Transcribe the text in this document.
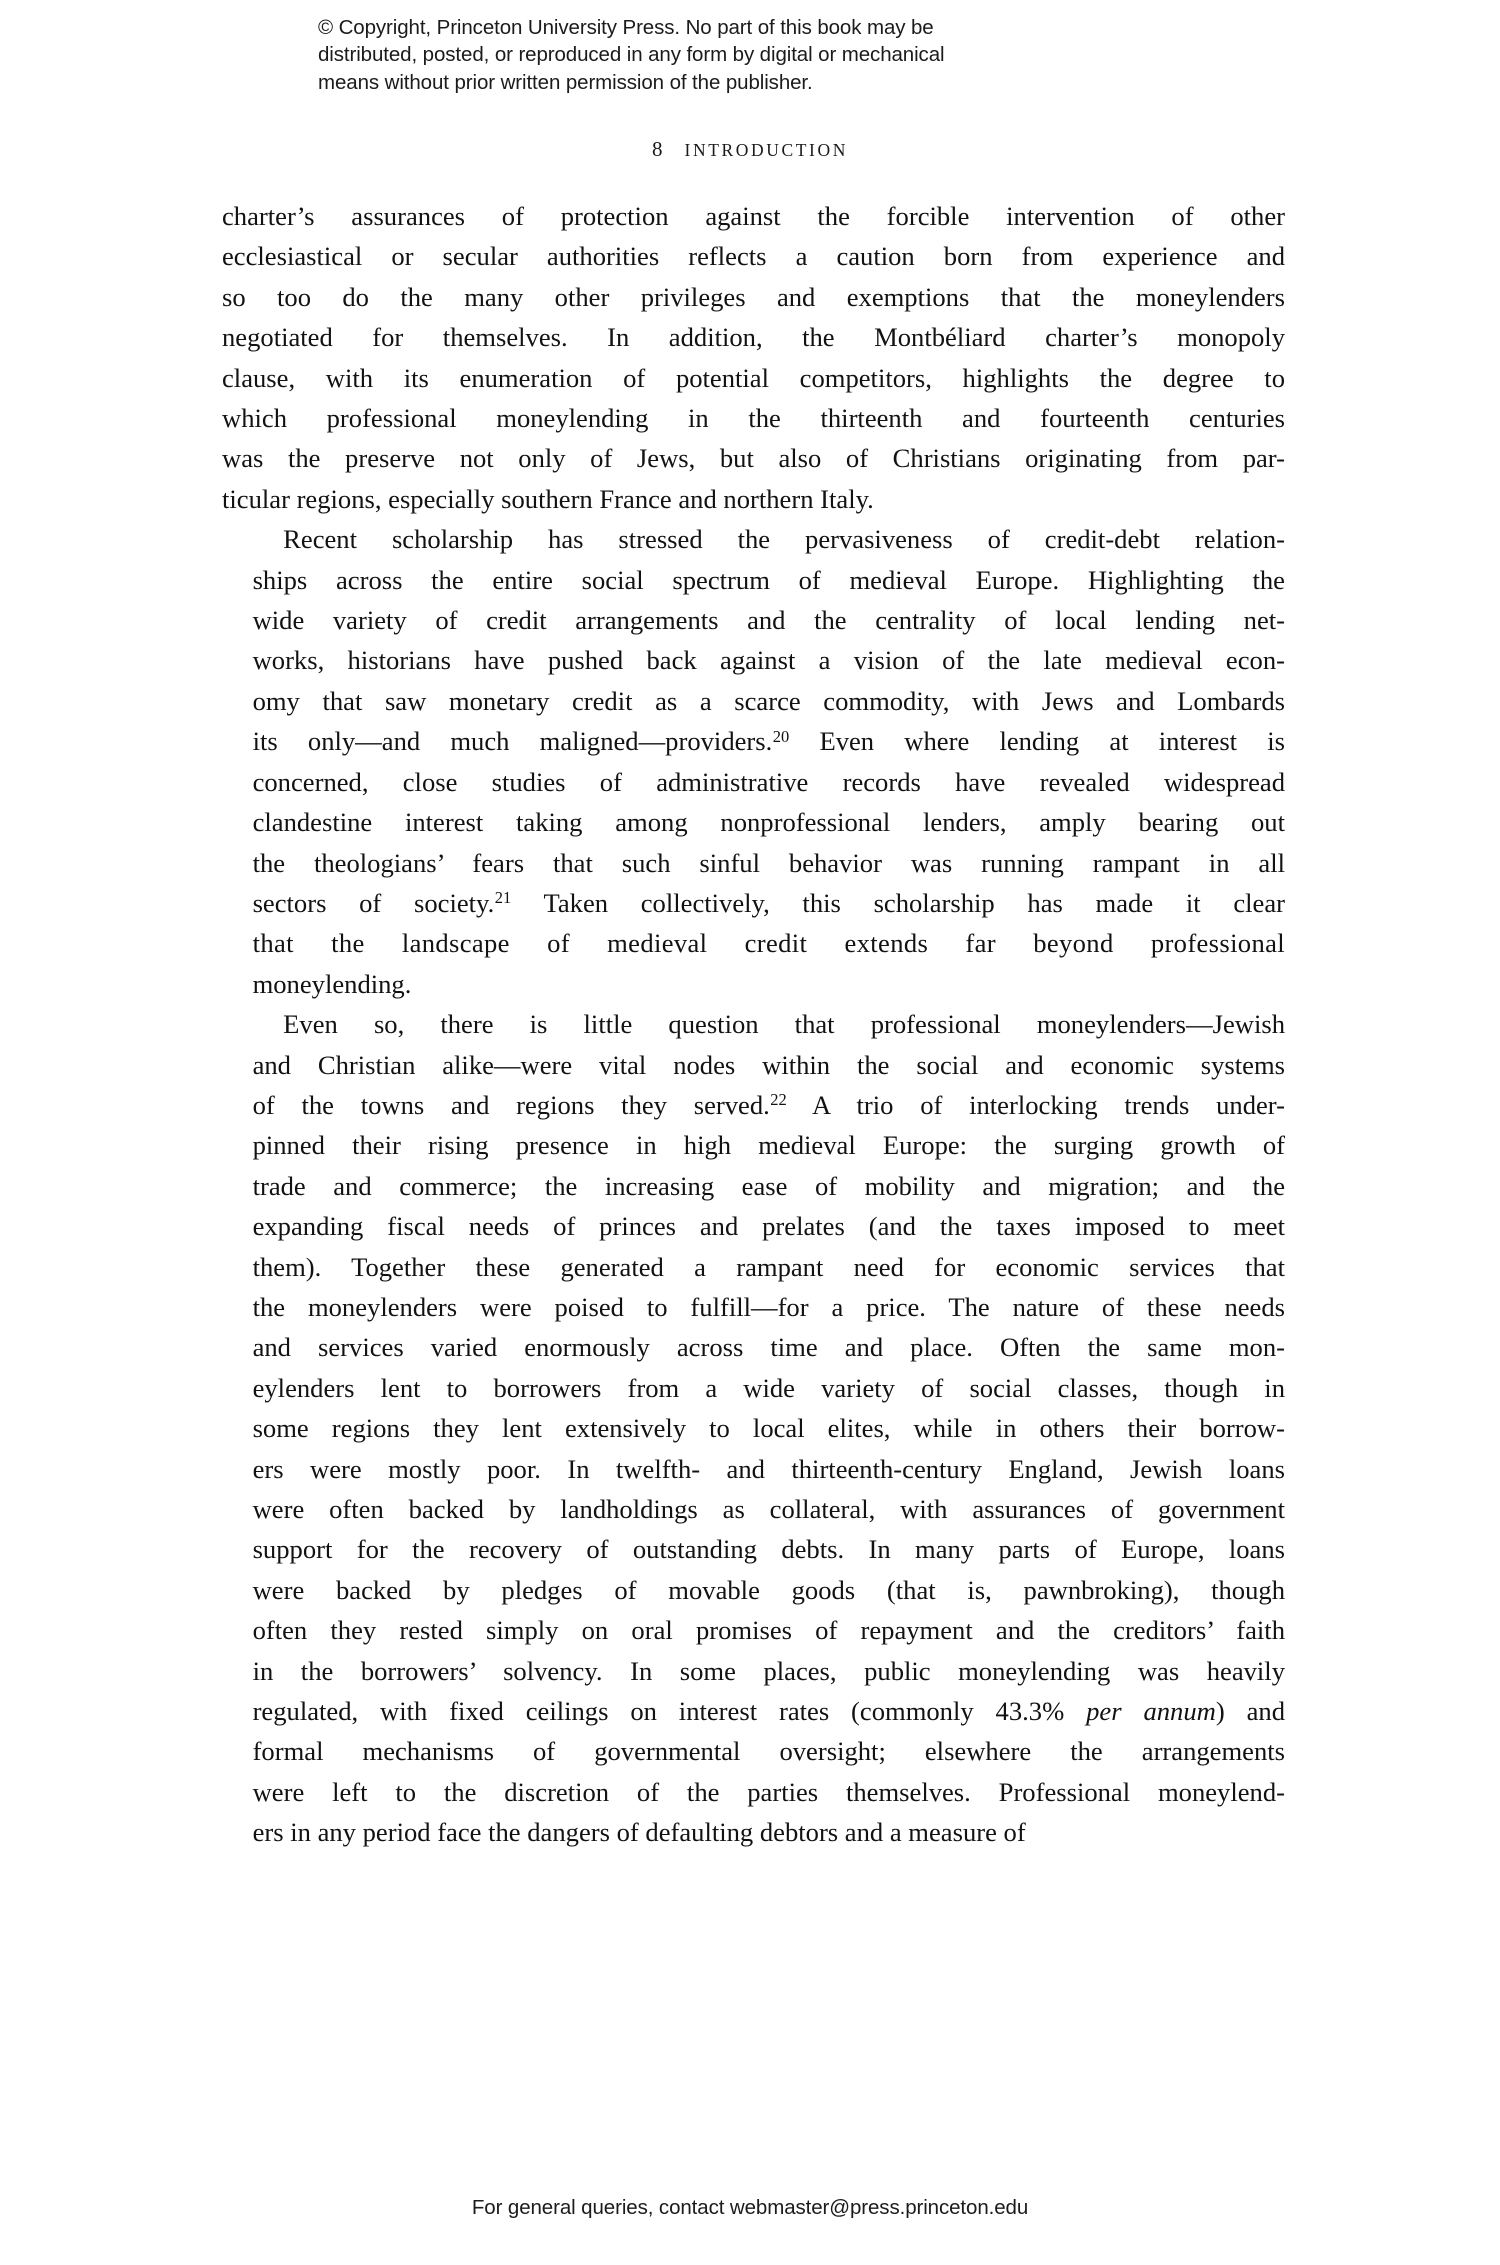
© Copyright, Princeton University Press. No part of this book may be
distributed, posted, or reproduced in any form by digital or mechanical
means without prior written permission of the publisher.
8 INTRODUCTION

charter’s assurances of protection against the forcible intervention of other
ecclesiastical or secular authorities reflects a caution born from experience and
so too do the many other privileges and exemptions that the moneylenders
negotiated for themselves. In addition, the Montbéliard charter’s monopoly
clause, with its enumeration of potential competitors, highlights the degree to
which professional moneylending in the thirteenth and fourteenth centuries
was the preserve not only of Jews, but also of Christians originating from par-
ticular regions, especially southern France and northern Italy.

Recent scholarship has stressed the pervasiveness of credit-debt relation-
ships across the entire social spectrum of medieval Europe. Highlighting the
wide variety of credit arrangements and the centrality of local lending net-
works, historians have pushed back against a vision of the late medieval econ-
omy that saw monetary credit as a scarce commodity, with Jews and Lombards
its only—and much maligned—providers.$^{20}$ Even where lending at interest is
concerned, close studies of administrative records have revealed widespread
clandestine interest taking among nonprofessional lenders, amply bearing out
the theologians’ fears that such sinful behavior was running rampant in all
sectors of society.$^{21}$ Taken collectively, this scholarship has made it clear
that the landscape of medieval credit extends far beyond professional
moneylending.

Even so, there is little question that professional moneylenders—Jewish
and Christian alike—were vital nodes within the social and economic systems
of the towns and regions they served.$^{22}$ A trio of interlocking trends under-
pinned their rising presence in high medieval Europe: the surging growth of
trade and commerce; the increasing ease of mobility and migration; and the
expanding fiscal needs of princes and prelates (and the taxes imposed to meet
them). Together these generated a rampant need for economic services that
the moneylenders were poised to fulfill—for a price. The nature of these needs
and services varied enormously across time and place. Often the same mon-
eylenders lent to borrowers from a wide variety of social classes, though in
some regions they lent extensively to local elites, while in others their borrow-
ers were mostly poor. In twelfth- and thirteenth-century England, Jewish loans
were often backed by landholdings as collateral, with assurances of government
support for the recovery of outstanding debts. In many parts of Europe, loans
were backed by pledges of movable goods (that is, pawnbroking), though
often they rested simply on oral promises of repayment and the creditors’ faith
in the borrowers’ solvency. In some places, public moneylending was heavily
regulated, with fixed ceilings on interest rates (commonly 43.3% per annum) and
formal mechanisms of governmental oversight; elsewhere the arrangements
were left to the discretion of the parties themselves. Professional moneylend-
ers in any period face the dangers of defaulting debtors and a measure of

For general queries, contact webmaster@press.princeton.edu
